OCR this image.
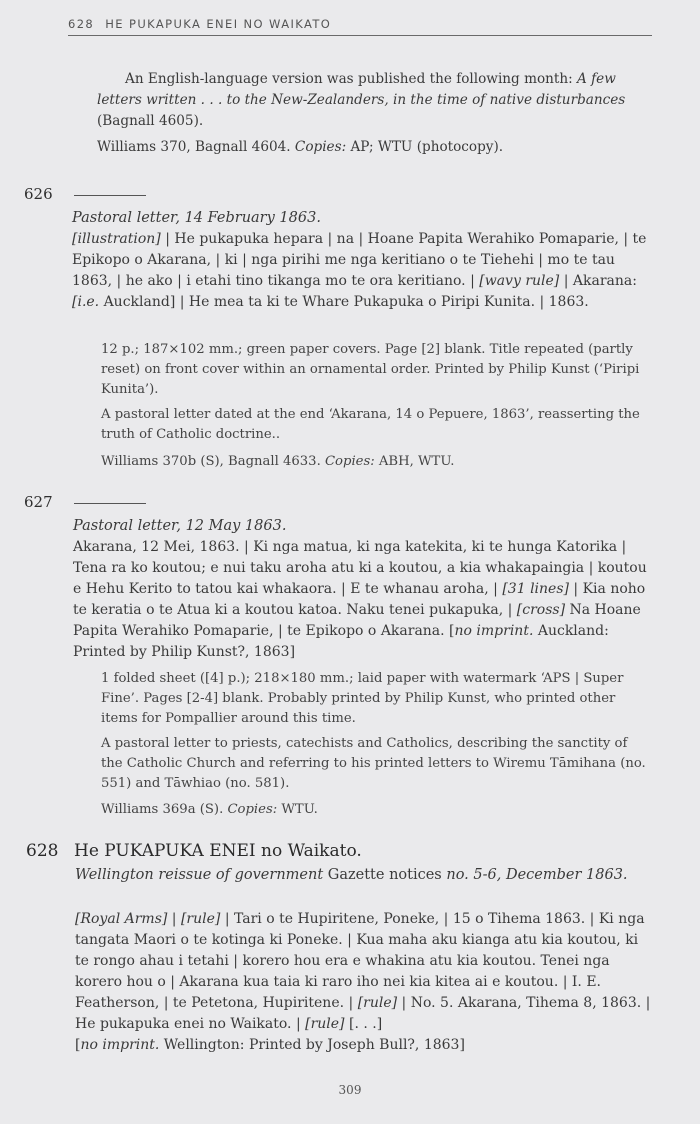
628 HE PUKAPUKA ENEI NO WAIKATO

An English-language version was published the following month: A few letters written . . . to the New-Zealanders, in the time of native disturbances (Bagnall 4605).

Williams 370, Bagnall 4604. Copies: AP; WTU (photocopy).

626
Pastoral letter, 14 February 1863.

[illustration] | He pukapuka hepara | na | Hoane Papita Werahiko Pomaparie, | te Epikopo o Akarana, | ki | nga pirihi me nga keritiano o te Tiehehi | mo te tau 1863, | he ako | i etahi tino tikanga mo te ora keritiano. | [wavy rule] | Akarana: [i.e. Auckland] | He mea ta ki te Whare Pukapuka o Piripi Kunita. | 1863.

12 p.; 187×102 mm.; green paper covers. Page [2] blank. Title repeated (partly reset) on front cover within an ornamental order. Printed by Philip Kunst (‘Piripi Kunita’).

A pastoral letter dated at the end ‘Akarana, 14 o Pepuere, 1863’, reasserting the truth of Catholic doctrine..

Williams 370b (S), Bagnall 4633. Copies: ABH, WTU.

627
Pastoral letter, 12 May 1863.

Akarana, 12 Mei, 1863. | Ki nga matua, ki nga katekita, ki te hunga Katorika | Tena ra ko koutou; e nui taku aroha atu ki a koutou, a kia whakapaingia | koutou e Hehu Kerito to tatou kai whakaora. | E te whanau aroha, | [31 lines] | Kia noho te keratia o te Atua ki a koutou katoa. Naku tenei pukapuka, | [cross] Na Hoane Papita Werahiko Pomaparie, | te Epikopo o Akarana. [no imprint. Auckland: Printed by Philip Kunst?, 1863]

1 folded sheet ([4] p.); 218×180 mm.; laid paper with watermark ‘APS | Super Fine’. Pages [2-4] blank. Probably printed by Philip Kunst, who printed other items for Pompallier around this time.

A pastoral letter to priests, catechists and Catholics, describing the sanctity of the Catholic Church and referring to his printed letters to Wiremu Tāmihana (no. 551) and Tāwhiao (no. 581).

Williams 369a (S). Copies: WTU.

628 He PUKAPUKA ENEI no Waikato.

Wellington reissue of government Gazette notices no. 5-6, December 1863.

[Royal Arms] | [rule] | Tari o te Hupiritene, Poneke, | 15 o Tihema 1863. | Ki nga tangata Maori o te kotinga ki Poneke. | Kua maha aku kianga atu kia koutou, ki te rongo ahau i tetahi | korero hou era e whakina atu kia koutou. Tenei nga korero hou o | Akarana kua taia ki raro iho nei kia kitea ai e koutou. | I. E. Featherson, | te Petetona, Hupiritene. | [rule] | No. 5. Akarana, Tihema 8, 1863. | He pukapuka enei no Waikato. | [rule] [. . .]
[no imprint. Wellington: Printed by Joseph Bull?, 1863]

309
